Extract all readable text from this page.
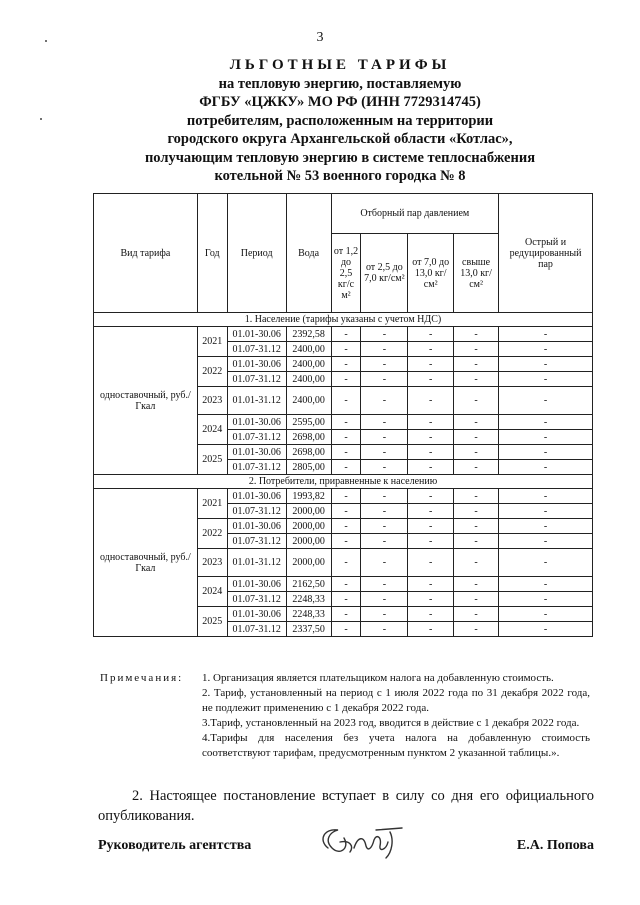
3
ЛЬГОТНЫЕ ТАРИФЫ
на тепловую энергию, поставляемую
ФГБУ «ЦЖКУ» МО РФ (ИНН 7729314745)
потребителям, расположенным на территории
городского округа Архангельской области «Котлас»,
получающим тепловую энергию в системе теплоснабжения
котельной № 53 военного городка № 8
Вид тарифа	Год	Период	Вода	Отборный пар давлением				Острый и редуцированный пар
				от 1,2 до 2,5 кг/с м²	от 2,5 до 7,0 кг/см²	от 7,0 до 13,0 кг/см²	свыше 13,0 кг/см²	
1. Население (тарифы указаны с учетом НДС)								
одноставочный, руб./Гкал	2021	01.01-30.06	2392,58	-	-	-	-	-
		01.07-31.12	2400,00	-	-	-	-	-
	2022	01.01-30.06	2400,00	-	-	-	-	-
		01.07-31.12	2400,00	-	-	-	-	-
	2023	01.01-31.12	2400,00	-	-	-	-	-
	2024	01.01-30.06	2595,00	-	-	-	-	-
		01.07-31.12	2698,00	-	-	-	-	-
	2025	01.01-30.06	2698,00	-	-	-	-	-
		01.07-31.12	2805,00	-	-	-	-	-
2. Потребители, приравненные к населению								
одноставочный, руб./Гкал	2021	01.01-30.06	1993,82	-	-	-	-	-
		01.07-31.12	2000,00	-	-	-	-	-
	2022	01.01-30.06	2000,00	-	-	-	-	-
		01.07-31.12	2000,00	-	-	-	-	-
	2023	01.01-31.12	2000,00	-	-	-	-	-
	2024	01.01-30.06	2162,50	-	-	-	-	-
		01.07-31.12	2248,33	-	-	-	-	-
	2025	01.01-30.06	2248,33	-	-	-	-	-
		01.07-31.12	2337,50	-	-	-	-	-
Примечания: 1. Организация является плательщиком налога на добавленную стоимость.
2. Тариф, установленный на период с 1 июля 2022 года по 31 декабря 2022 года, не подлежит применению с 1 декабря 2022 года.
3.Тариф, установленный на 2023 год, вводится в действие с 1 декабря 2022 года.
4.Тарифы для населения без учета налога на добавленную стоимость соответствуют тарифам, предусмотренным пунктом 2 указанной таблицы.».
2. Настоящее постановление вступает в силу со дня его официального опубликования.
Руководитель агентства	Е.А. Попова
